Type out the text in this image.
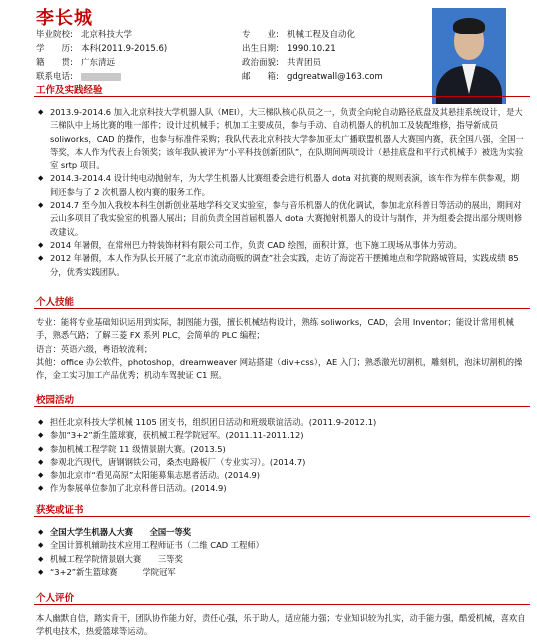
李长城
毕业院校: 北京科技大学
学　　历: 本科(2011.9-2015.6)
籍　　贯: 广东清远
联系电话:
专　　业: 机械工程及自动化
出生日期: 1990.10.21
政治面貌: 共青团员
邮　　箱: gdgreatwall@163.com
工作及实践经验
◆ 2013.9-2014.6 加入北京科技大学机器人队（MEI），大三梯队核心队员之一，负责全向轮自动路径底盘及其悬挂系统设计，是大三梯队中上场比赛的唯一部件；设计过机械手；机加工主要成员，参与手动、自动机器人的机加工及装配维修，指导新成员 soliworks，CAD 的操作，也参与标准件采购；我队代表北京科技大学参加亚太广播联盟机器人大赛国内赛，获全国八强，全国一等奖，本人作为代表上台领奖；该年我队被评为“小平科技创新团队”，在队期间两项设计（悬挂底盘和平行式机械手）被选为实验室 srtp 项目。
◆ 2014.3-2014.4 设计纯电动抛射车，为大学生机器人比赛组委会进行机器人 dota 对抗赛的规则表演，该车作为样车供参观，期间还参与了 2 次机器人校内赛的服务工作。
◆ 2014.7 至今加入我校本科生创新创业基地学科交叉实验室，参与音乐机器人的优化调试，参加北京科普日等活动的展出，期间对云山多项目了我实验室的机器人展出；目前负责全国首届机器人 dota 大赛抛射机器人的设计与制作，并为组委会提出部分规则修改建议。
◆ 2014 年暑假，在常州巴力特装饰材料有限公司工作，负责 CAD 绘图，面积计算，也下施工现场从事体力劳动。
◆ 2012 年暑假，本人作为队长开展了“北京市流动商贩的调查”社会实践，走访了海淀若干摆摊地点和学院路城管局，实践成绩 85 分，优秀实践团队。
个人技能

专业：能将专业基础知识运用到实际，制图能力强，擅长机械结构设计，熟练 soliworks，CAD，会用 Inventor；能设计常用机械手，熟悉气路；了解三菱 FX 系列 PLC，会简单的 PLC 编程；

语言：英语六级，粤语较流利；

其他：office 办公软件，photoshop，dreamweaver 网站搭建（div+css），AE 入门；熟悉激光切割机，雕刻机，泡沫切割机的操作，金工实习加工产品优秀；机动车驾驶证 C1 照。

校园活动
◆ 担任北京科技大学机械 1105 团支书，组织团日活动和班级联谊活动。(2011.9-2012.1)
◆ 参加“3+2”新生篮球赛，获机械工程学院冠军。(2011.11-2011.12)
◆ 参加机械工程学院 11 级情景剧大赛。(2013.5)
◆ 参观北汽现代，唐钢钢铁公司，桑杰电路板厂（专业实习）。(2014.7)
◆ 参加北京市“看见高原”太阳能募集志愿者活动。(2014.9)
◆ 作为参展单位参加了北京科普日活动。(2014.9)
获奖或证书
◆ 全国大学生机器人大赛　　全国一等奖
◆ 全国计算机辅助技术应用工程师证书（二维 CAD 工程师）
◆ 机械工程学院情景剧大赛　　三等奖
◆ “3+2”新生篮球赛　　　学院冠军
个人评价

本人幽默自信，踏实肯干，团队协作能力好，责任心强，乐于助人，适应能力强；专业知识较为扎实，动手能力强，酷爱机械，喜欢自学机电技术，热爱篮球等运动。
